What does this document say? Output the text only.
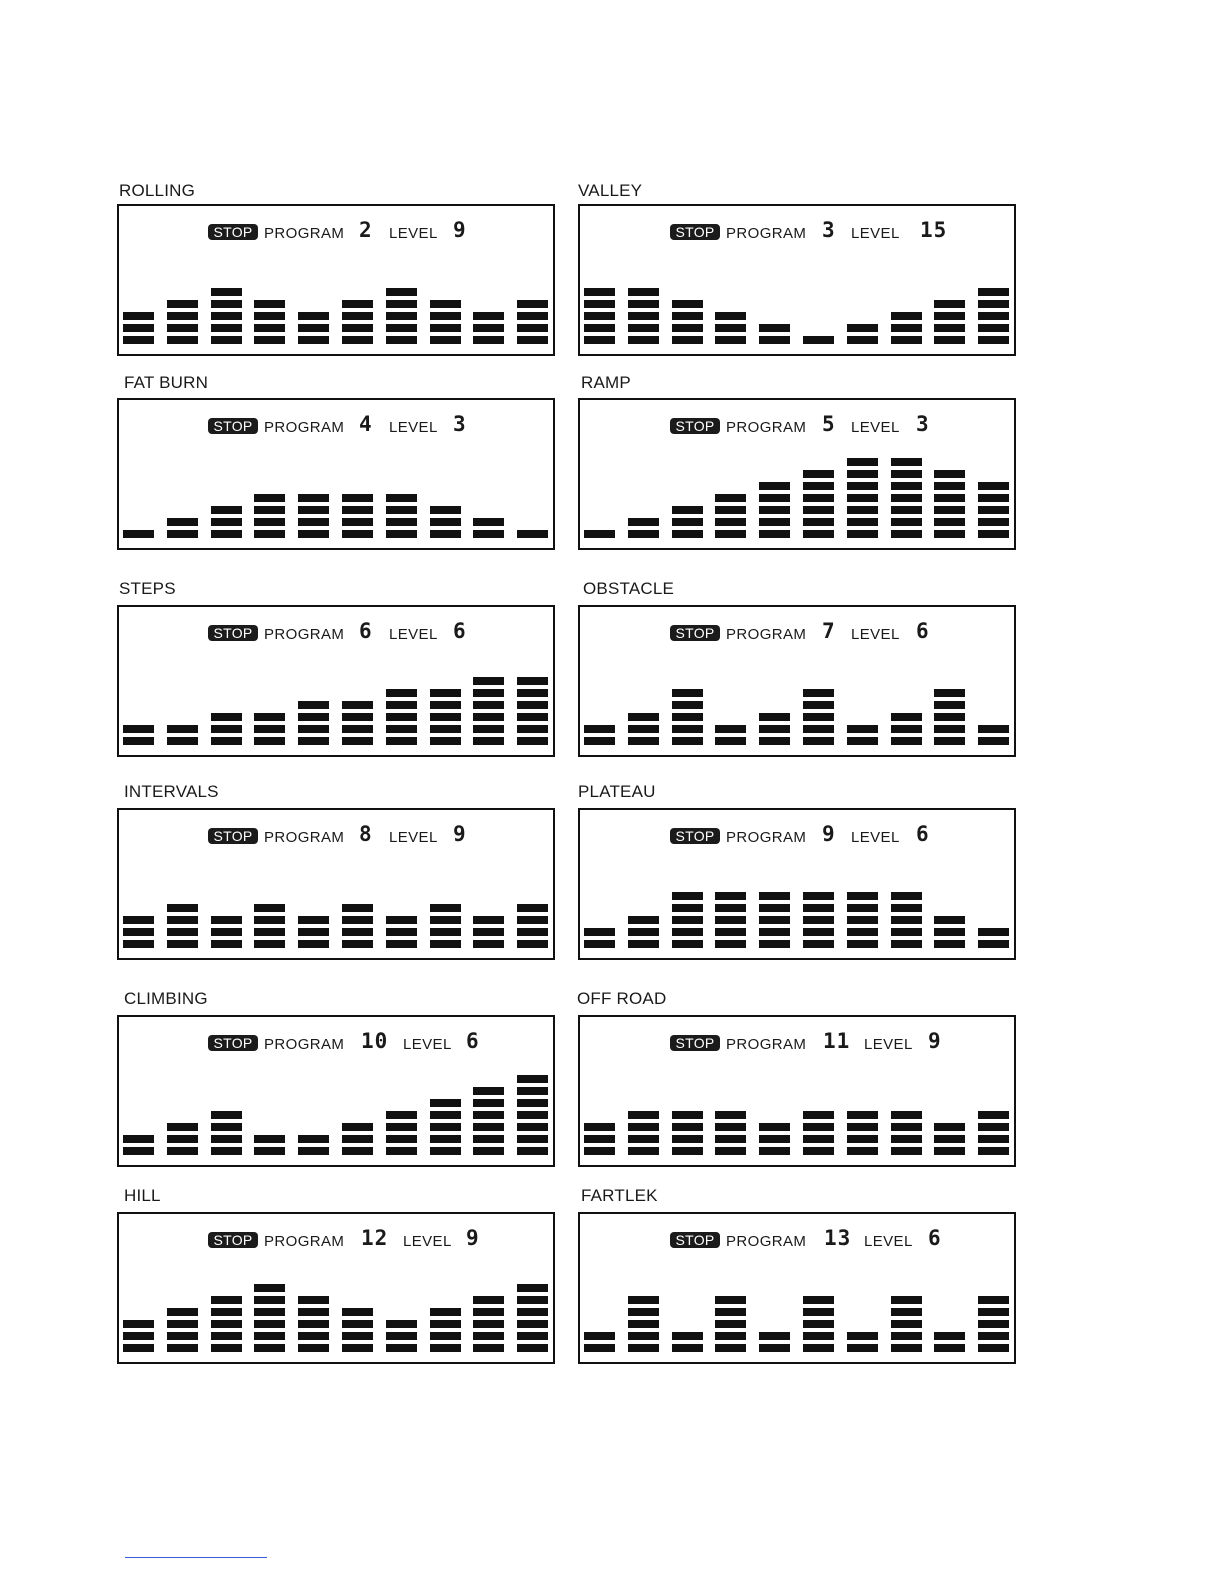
ROLLING
STOP PROGRAM 2 LEVEL 9
VALLEY
STOP PROGRAM 3 LEVEL 15
FAT BURN
STOP PROGRAM 4 LEVEL 3
RAMP
STOP PROGRAM 5 LEVEL 3
STEPS
STOP PROGRAM 6 LEVEL 6
OBSTACLE
STOP PROGRAM 7 LEVEL 6
INTERVALS
STOP PROGRAM 8 LEVEL 9
PLATEAU
STOP PROGRAM 9 LEVEL 6
CLIMBING
STOP PROGRAM 10 LEVEL 6
OFF ROAD
STOP PROGRAM 11 LEVEL 9
HILL
STOP PROGRAM 12 LEVEL 9
FARTLEK
STOP PROGRAM 13 LEVEL 6
